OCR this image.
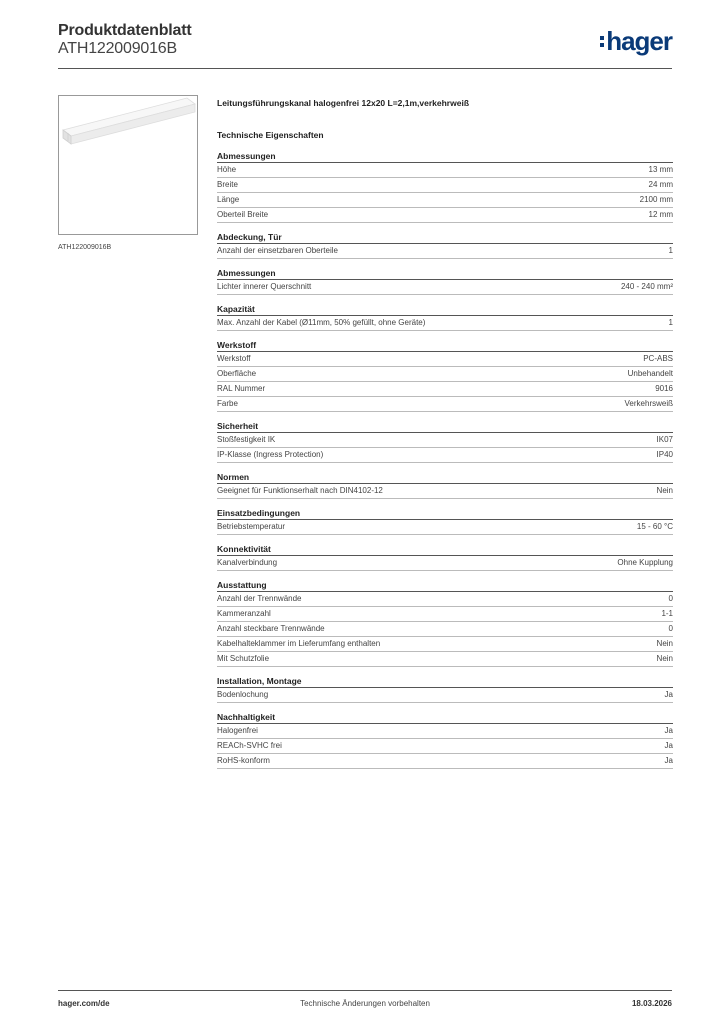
Produktdatenblatt
ATH122009016B	hager
ATH122009016B
Leitungsführungskanal halogenfrei 12x20 L=2,1m,verkehrweiß
Technische Eigenschaften
Abmessungen
Höhe	13 mm
Breite	24 mm
Länge	2100 mm
Oberteil Breite	12 mm
Abdeckung, Tür
Anzahl der einsetzbaren Oberteile	1
Abmessungen
Lichter innerer Querschnitt	240 - 240 mm²
Kapazität
Max. Anzahl der Kabel (Ø11mm, 50% gefüllt, ohne Geräte)	1
Werkstoff
Werkstoff	PC-ABS
Oberfläche	Unbehandelt
RAL Nummer	9016
Farbe	Verkehrsweiß
Sicherheit
Stoßfestigkeit IK	IK07
IP-Klasse (Ingress Protection)	IP40
Normen
Geeignet für Funktionserhalt nach DIN4102-12	Nein
Einsatzbedingungen
Betriebstemperatur	15 - 60 °C
Konnektivität
Kanalverbindung	Ohne Kupplung
Ausstattung
Anzahl der Trennwände	0
Kammeranzahl	1-1
Anzahl steckbare Trennwände	0
Kabelhalteklammer im Lieferumfang enthalten	Nein
Mit Schutzfolie	Nein
Installation, Montage
Bodenlochung	Ja
Nachhaltigkeit
Halogenfrei	Ja
REACh-SVHC frei	Ja
RoHS-konform	Ja
hager.com/de	Technische Änderungen vorbehalten	18.03.2026
